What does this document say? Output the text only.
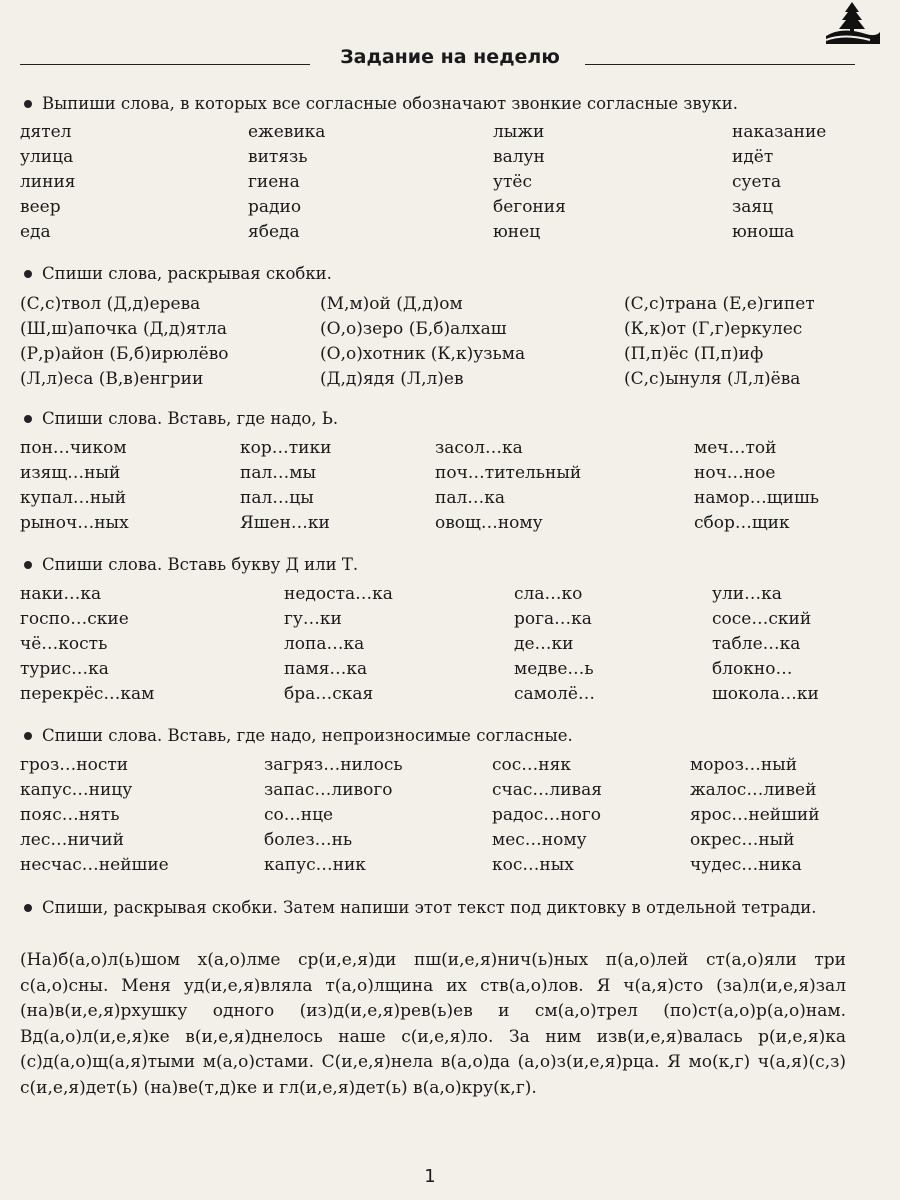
Задание на неделю
Выпиши слова, в которых все согласные обозначают звонкие согласные звуки.
дятел
улица
линия
веер
еда
ежевика
витязь
гиена
радио
ябеда
лыжи
валун
утёс
бегония
юнец
наказание
идёт
суета
заяц
юноша
Спиши слова, раскрывая скобки.
(С,с)твол (Д,д)ерева
(Ш,ш)апочка (Д,д)ятла
(Р,р)айон (Б,б)ирюлёво
(Л,л)еса (В,в)енгрии
(М,м)ой (Д,д)ом
(О,о)зеро (Б,б)алхаш
(О,о)хотник (К,к)узьма
(Д,д)ядя (Л,л)ев
(С,с)трана (Е,е)гипет
(К,к)от (Г,г)еркулес
(П,п)ёс (П,п)иф
(С,с)ынуля (Л,л)ёва
Спиши слова. Вставь, где надо, Ь.
пон…чиком
изящ…ный
купал…ный
рыноч…ных
кор…тики
пал…мы
пал…цы
Яшен…ки
засол…ка
поч…тительный
пал…ка
овощ…ному
меч…той
ноч…ное
намор…щишь
сбор…щик
Спиши слова. Вставь букву Д или Т.
наки…ка
госпо…ские
чё…кость
турис…ка
перекрёс…кам
недоста…ка
гу…ки
лопа…ка
памя…ка
бра…ская
сла…ко
рога…ка
де…ки
медве…ь
самолё…
ули…ка
сосе…ский
табле…ка
блокно…
шокола…ки
Спиши слова. Вставь, где надо, непроизносимые согласные.
гроз…ности
капус…ницу
пояс…нять
лес…ничий
несчас…нейшие
загряз…нилось
запас…ливого
со…нце
болез…нь
капус…ник
сос…няк
счас…ливая
радос…ного
мес…ному
кос…ных
мороз…ный
жалос…ливей
ярос…нейший
окрес…ный
чудес…ника
Спиши, раскрывая скобки. Затем напиши этот текст под диктовку в отдельной тетради.
(На)б(а,о)л(ь)шом х(а,о)лме ср(и,е,я)ди пш(и,е,я)нич(ь)ных п(а,о)лей ст(а,о)яли три с(а,о)сны. Меня уд(и,е,я)вляла т(а,о)лщина их ств(а,о)лов. Я ч(а,я)сто (за)л(и,е,я)зал (на)в(и,е,я)рхушку одного (из)д(и,е,я)рев(ь)ев и см(а,о)трел (по)ст(а,о)р(а,о)нам. Вд(а,о)л(и,е,я)ке в(и,е,я)днелось наше с(и,е,я)ло. За ним изв(и,е,я)валась р(и,е,я)ка (с)д(а,о)щ(а,я)тыми м(а,о)стами. С(и,е,я)нела в(а,о)да (а,о)з(и,е,я)рца. Я мо(к,г) ч(а,я)(с,з) с(и,е,я)дет(ь) (на)ве(т,д)ке и гл(и,е,я)дет(ь) в(а,о)кру(к,г).
1
